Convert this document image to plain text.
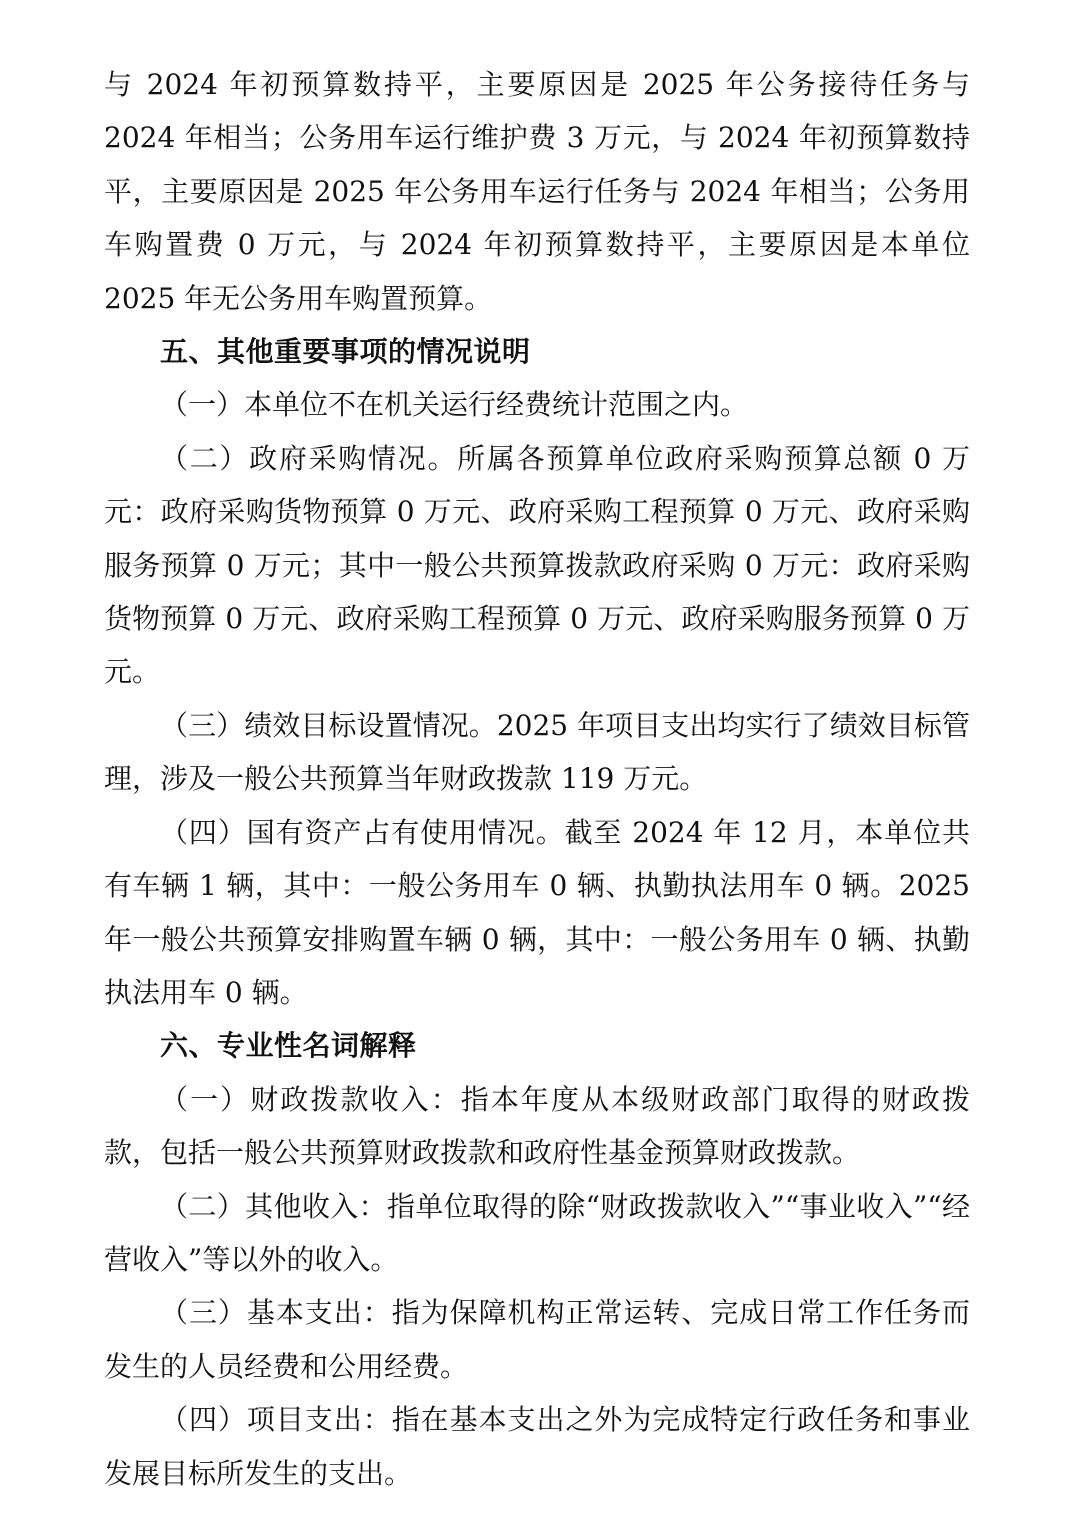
与 2024 年初预算数持平，主要原因是 2025 年公务接待任务与 2024 年相当；公务用车运行维护费 3 万元，与 2024 年初预算数持平，主要原因是 2025 年公务用车运行任务与 2024 年相当；公务用车购置费 0 万元，与 2024 年初预算数持平，主要原因是本单位 2025 年无公务用车购置预算。

五、其他重要事项的情况说明

（一）本单位不在机关运行经费统计范围之内。

（二）政府采购情况。所属各预算单位政府采购预算总额 0 万元：政府采购货物预算 0 万元、政府采购工程预算 0 万元、政府采购服务预算 0 万元；其中一般公共预算拨款政府采购 0 万元：政府采购货物预算 0 万元、政府采购工程预算 0 万元、政府采购服务预算 0 万元。

（三）绩效目标设置情况。2025 年项目支出均实行了绩效目标管理，涉及一般公共预算当年财政拨款 119 万元。

（四）国有资产占有使用情况。截至 2024 年 12 月，本单位共有车辆 1 辆，其中：一般公务用车 0 辆、执勤执法用车 0 辆。2025 年一般公共预算安排购置车辆 0 辆，其中：一般公务用车 0 辆、执勤执法用车 0 辆。

六、专业性名词解释

（一）财政拨款收入：指本年度从本级财政部门取得的财政拨款，包括一般公共预算财政拨款和政府性基金预算财政拨款。

（二）其他收入：指单位取得的除“财政拨款收入”“事业收入”“经营收入”等以外的收入。

（三）基本支出：指为保障机构正常运转、完成日常工作任务而发生的人员经费和公用经费。

（四）项目支出：指在基本支出之外为完成特定行政任务和事业发展目标所发生的支出。
